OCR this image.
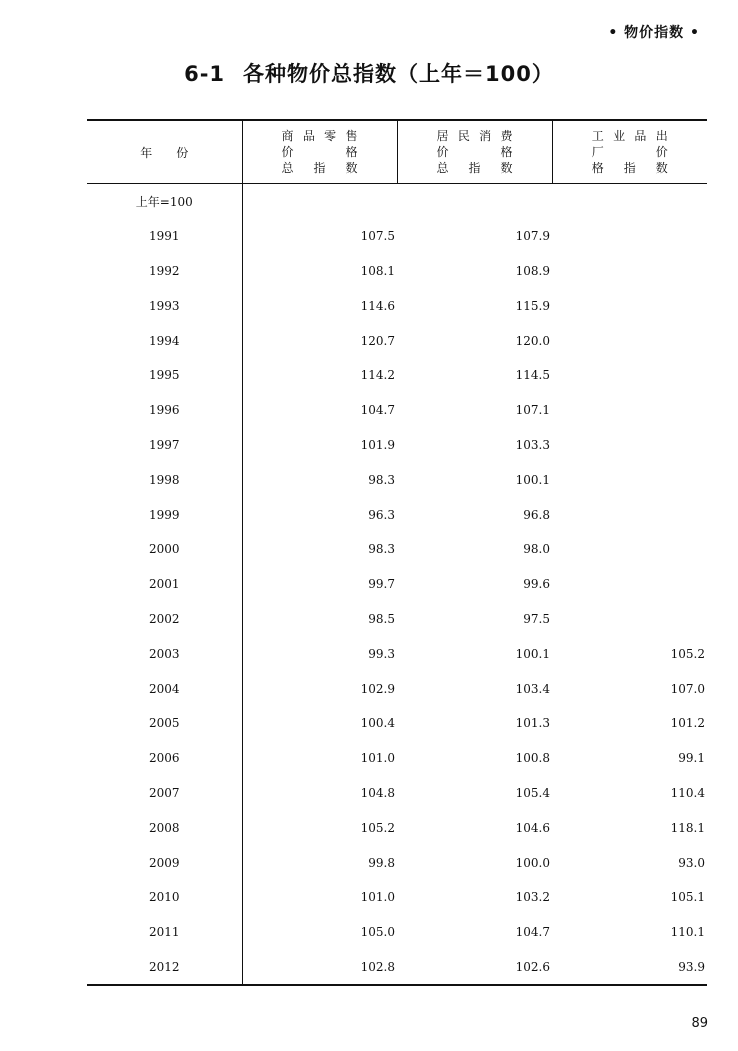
• 物价指数 •
6-1 各种物价总指数（上年＝100）
年　　份	商 品 零 售
价　　　格
总　指　数	居 民 消 费
价　　　格
总　指　数	工 业 品 出
厂　　　价
格　指　数

上年=100			
1991	107.5	107.9	
1992	108.1	108.9	
1993	114.6	115.9	
1994	120.7	120.0	
1995	114.2	114.5	
1996	104.7	107.1	
1997	101.9	103.3	
1998	98.3	100.1	
1999	96.3	96.8	
2000	98.3	98.0	
2001	99.7	99.6	
2002	98.5	97.5	
2003	99.3	100.1	105.2
2004	102.9	103.4	107.0
2005	100.4	101.3	101.2
2006	101.0	100.8	99.1
2007	104.8	105.4	110.4
2008	105.2	104.6	118.1
2009	99.8	100.0	93.0
2010	101.0	103.2	105.1
2011	105.0	104.7	110.1
2012	102.8	102.6	93.9
89
